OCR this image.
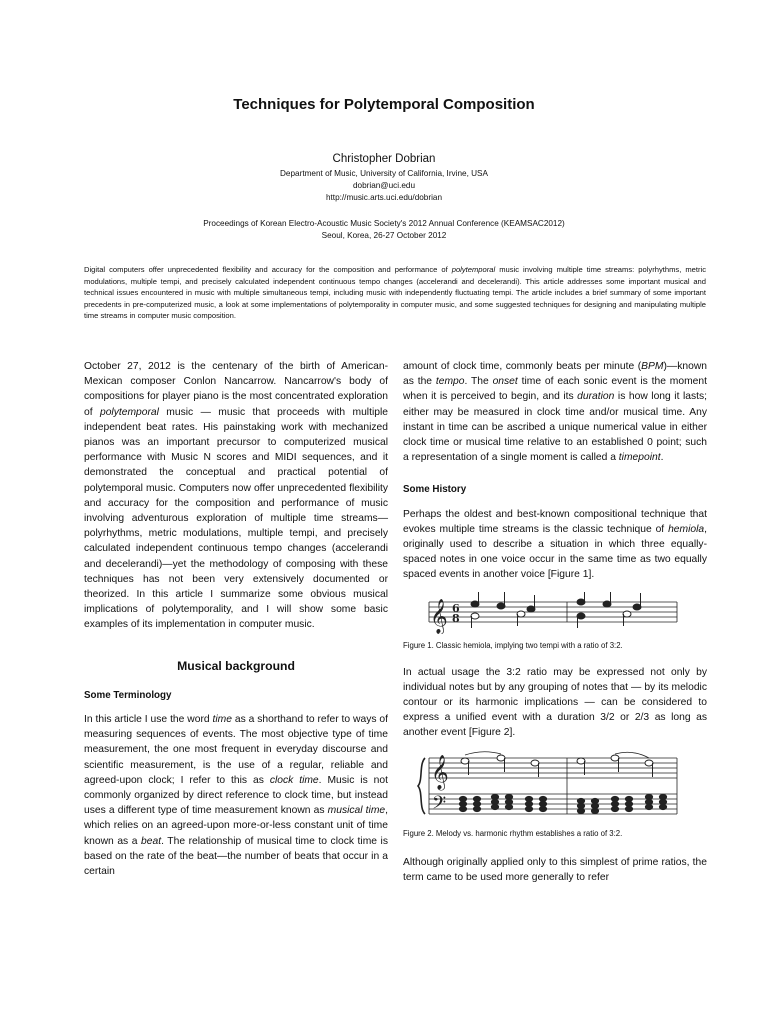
Techniques for Polytemporal Composition
Christopher Dobrian
Department of Music, University of California, Irvine, USA
dobrian@uci.edu
http://music.arts.uci.edu/dobrian
Proceedings of Korean Electro-Acoustic Music Society's 2012 Annual Conference (KEAMSAC2012)
Seoul, Korea, 26-27 October 2012
Digital computers offer unprecedented flexibility and accuracy for the composition and performance of polytemporal music involving multiple time streams: polyrhythms, metric modulations, multiple tempi, and precisely calculated independent continuous tempo changes (accelerandi and decelerandi). This article addresses some important musical and technical issues encountered in music with multiple simultaneous tempi, including music with independently fluctuating tempi. The article includes a brief summary of some important precedents in pre-computerized music, a look at some implementations of polytemporality in computer music, and some suggested techniques for designing and manipulating multiple time streams in computer music composition.

October 27, 2012 is the centenary of the birth of American-Mexican composer Conlon Nancarrow. Nancarrow's body of compositions for player piano is the most concentrated exploration of polytemporal music — music that proceeds with multiple independent beat rates. His painstaking work with mechanized pianos was an important precursor to computerized musical performance with Music N scores and MIDI sequences, and it demonstrated the conceptual and practical potential of polytemporal music. Computers now offer unprecedented flexibility and accuracy for the composition and performance of music involving adventurous exploration of multiple time streams—polyrhythms, metric modulations, multiple tempi, and precisely calculated independent continuous tempo changes (accelerandi and decelerandi)—yet the methodology of composing with these techniques has not been very extensively documented or theorized. In this article I summarize some obvious musical implications of polytemporality, and I will show some basic examples of its implementation in computer music.

Musical background

Some Terminology

In this article I use the word time as a shorthand to refer to ways of measuring sequences of events. The most objective type of time measurement, the one most frequent in everyday discourse and scientific measurement, is the use of a regular, reliable and agreed-upon clock; I refer to this as clock time. Music is not commonly organized by direct reference to clock time, but instead uses a different type of time measurement known as musical time, which relies on an agreed-upon more-or-less constant unit of time known as a beat. The relationship of musical time to clock time is based on the rate of the beat—the number of beats that occur in a certain

amount of clock time, commonly beats per minute (BPM)—known as the tempo. The onset time of each sonic event is the moment when it is perceived to begin, and its duration is how long it lasts; either may be measured in clock time and/or musical time. Any instant in time can be ascribed a unique numerical value in either clock time or musical time relative to an established 0 point; such a representation of a single moment is called a timepoint.

Some History

Perhaps the oldest and best-known compositional technique that evokes multiple time streams is the classic technique of hemiola, originally used to describe a situation in which three equally-spaced notes in one voice occur in the same time as two equally spaced events in another voice [Figure 1].

𝄞 6
8

Figure 1. Classic hemiola, implying two tempi with a ratio of 3:2.

In actual usage the 3:2 ratio may be expressed not only by individual notes but by any grouping of notes that — by its melodic contour or its harmonic implications — can be considered to express a unified event with a duration 3/2 or 2/3 as long as another event [Figure 2].

𝄞
𝄢

Figure 2. Melody vs. harmonic rhythm establishes a ratio of 3:2.

Although originally applied only to this simplest of prime ratios, the term came to be used more generally to refer
